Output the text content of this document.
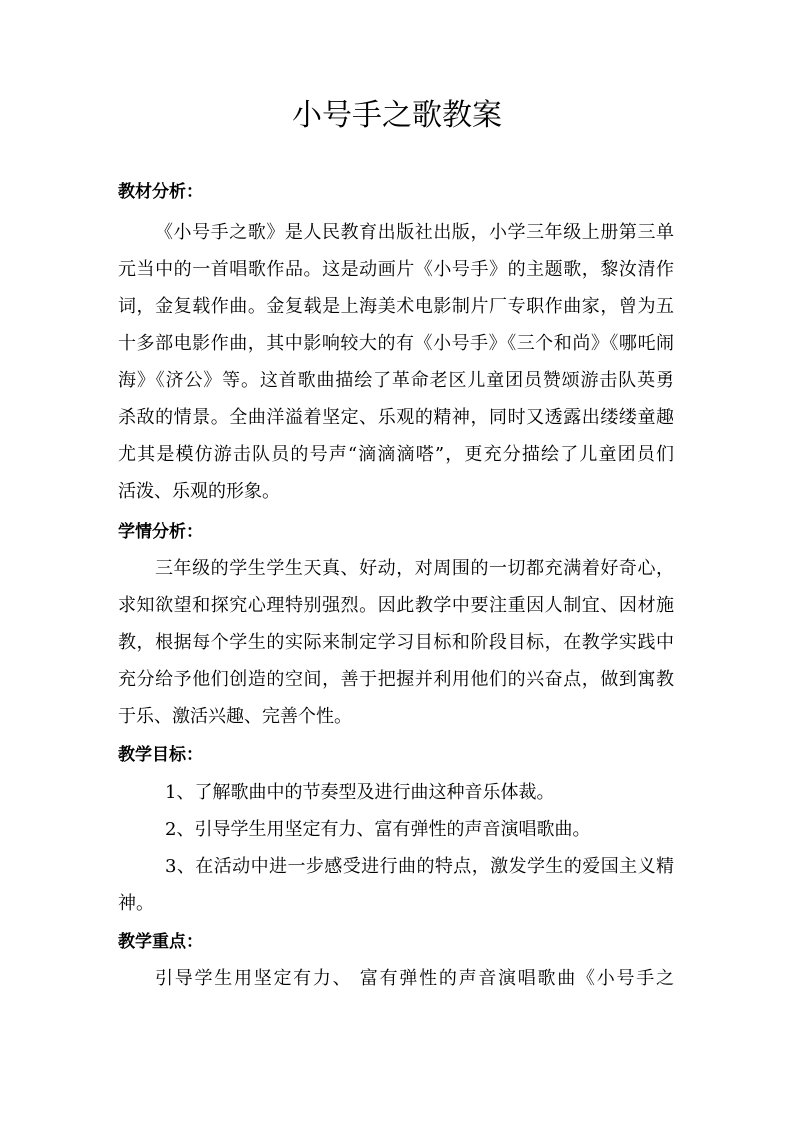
小号手之歌教案
教材分析：
《小号手之歌》是人民教育出版社出版，小学三年级上册第三单
元当中的一首唱歌作品。这是动画片《小号手》的主题歌，黎汝清作
词，金复载作曲。金复载是上海美术电影制片厂专职作曲家，曾为五
十多部电影作曲，其中影响较大的有《小号手》《三个和尚》《哪吒闹
海》《济公》等。这首歌曲描绘了革命老区儿童团员赞颂游击队英勇
杀敌的情景。全曲洋溢着坚定、乐观的精神，同时又透露出缕缕童趣
尤其是模仿游击队员的号声“滴滴滴嗒”，更充分描绘了儿童团员们
活泼、乐观的形象。
学情分析：
三年级的学生学生天真、好动，对周围的一切都充满着好奇心，
求知欲望和探究心理特别强烈。因此教学中要注重因人制宜、因材施
教，根据每个学生的实际来制定学习目标和阶段目标，在教学实践中
充分给予他们创造的空间，善于把握并利用他们的兴奋点，做到寓教
于乐、激活兴趣、完善个性。
教学目标：
1、了解歌曲中的节奏型及进行曲这种音乐体裁。
2、引导学生用坚定有力、富有弹性的声音演唱歌曲。
3、在活动中进一步感受进行曲的特点，激发学生的爱国主义精
神。
教学重点：
引导学生用坚定有力、 富有弹性的声音演唱歌曲《小号手之
